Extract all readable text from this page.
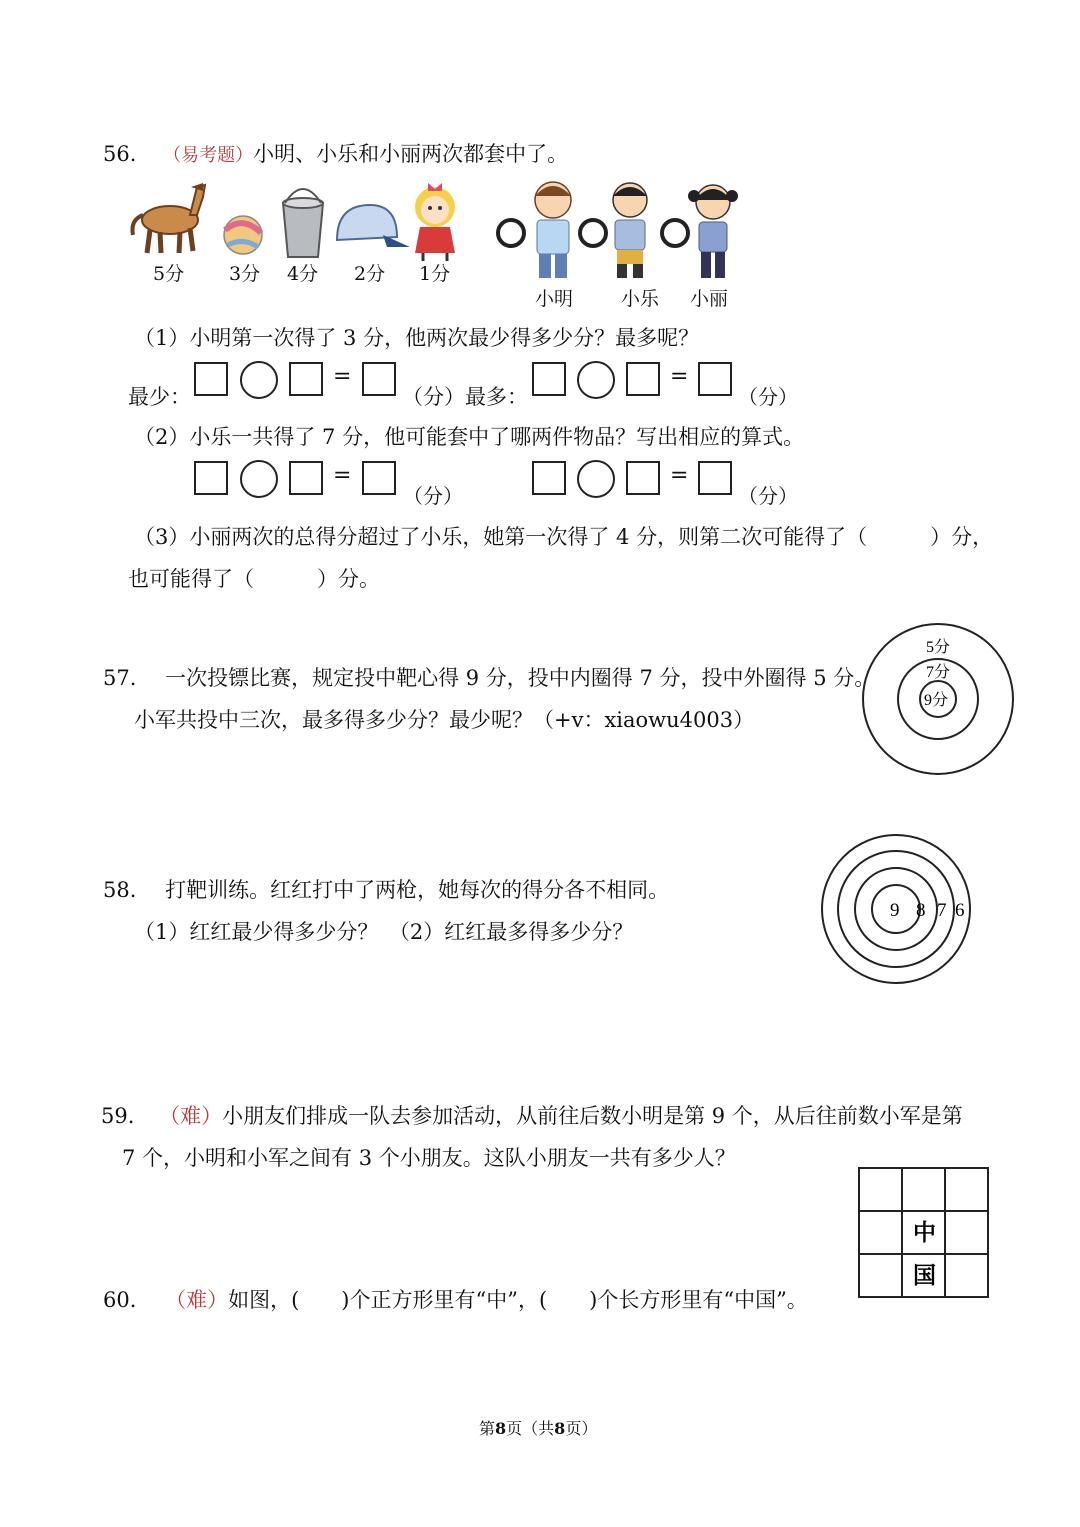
56. （易考题）小明、小乐和小丽两次都套中了。
5分 3分 4分 2分 1分
小明	小乐 小丽
（1）小明第一次得了 3 分，他两次最少得多少分？最多呢？
最少：
=
（分）最多：
=
（分）
（2）小乐一共得了 7 分，他可能套中了哪两件物品？写出相应的算式。
=
（分）
=
（分）
（3）小丽两次的总得分超过了小乐，她第一次得了 4 分，则第二次可能得了（　　　）分，
也可能得了（　　　）分。
57. 一次投镖比赛，规定投中靶心得 9 分，投中内圈得 7 分，投中外圈得 5 分。
小军共投中三次，最多得多少分？最少呢？（+v：xiaowu4003）
5分
7分
9分
58. 打靶训练。红红打中了两枪，她每次的得分各不相同。
（1）红红最少得多少分？　（2）红红最多得多少分？
9 8 7 6
59. （难）小朋友们排成一队去参加活动，从前往后数小明是第 9 个，从后往前数小军是第
7 个，小明和小军之间有 3 个小朋友。这队小朋友一共有多少人？
60. （难）如图，(　　)个正方形里有“中”，(　　)个长方形里有“中国”。
中
国
第8页（共8页）
